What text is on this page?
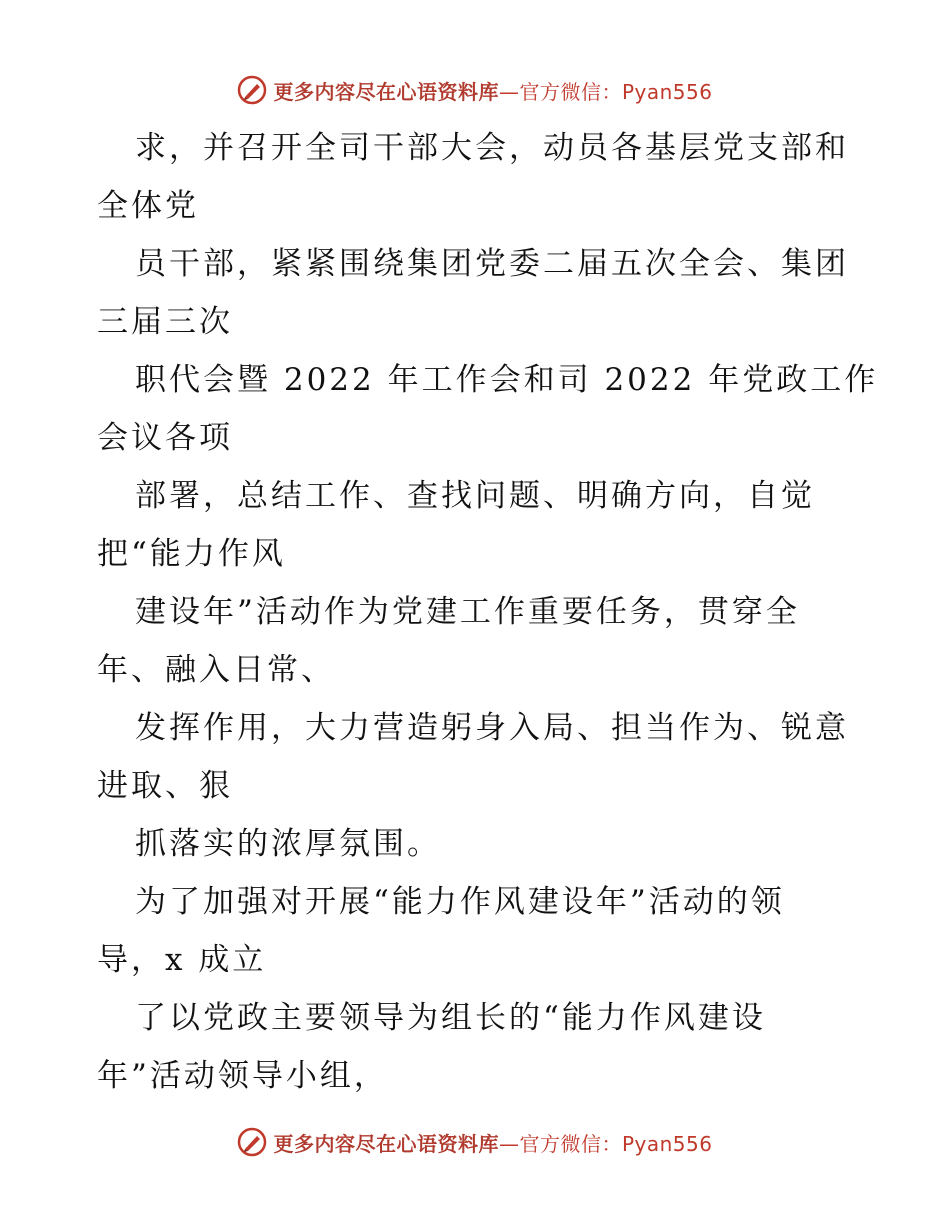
更多内容尽在心语资料库—官方微信：Pyan556
求，并召开全司干部大会，动员各基层党支部和
全体党
员干部，紧紧围绕集团党委二届五次全会、集团
三届三次
职代会暨 2022 年工作会和司 2022 年党政工作
会议各项
部署，总结工作、查找问题、明确方向，自觉
把“能力作风
建设年”活动作为党建工作重要任务，贯穿全
年、融入日常、
发挥作用，大力营造躬身入局、担当作为、锐意
进取、狠
抓落实的浓厚氛围。
为了加强对开展“能力作风建设年”活动的领
导，x 成立
了以党政主要领导为组长的“能力作风建设
年”活动领导小组，
更多内容尽在心语资料库—官方微信：Pyan556
